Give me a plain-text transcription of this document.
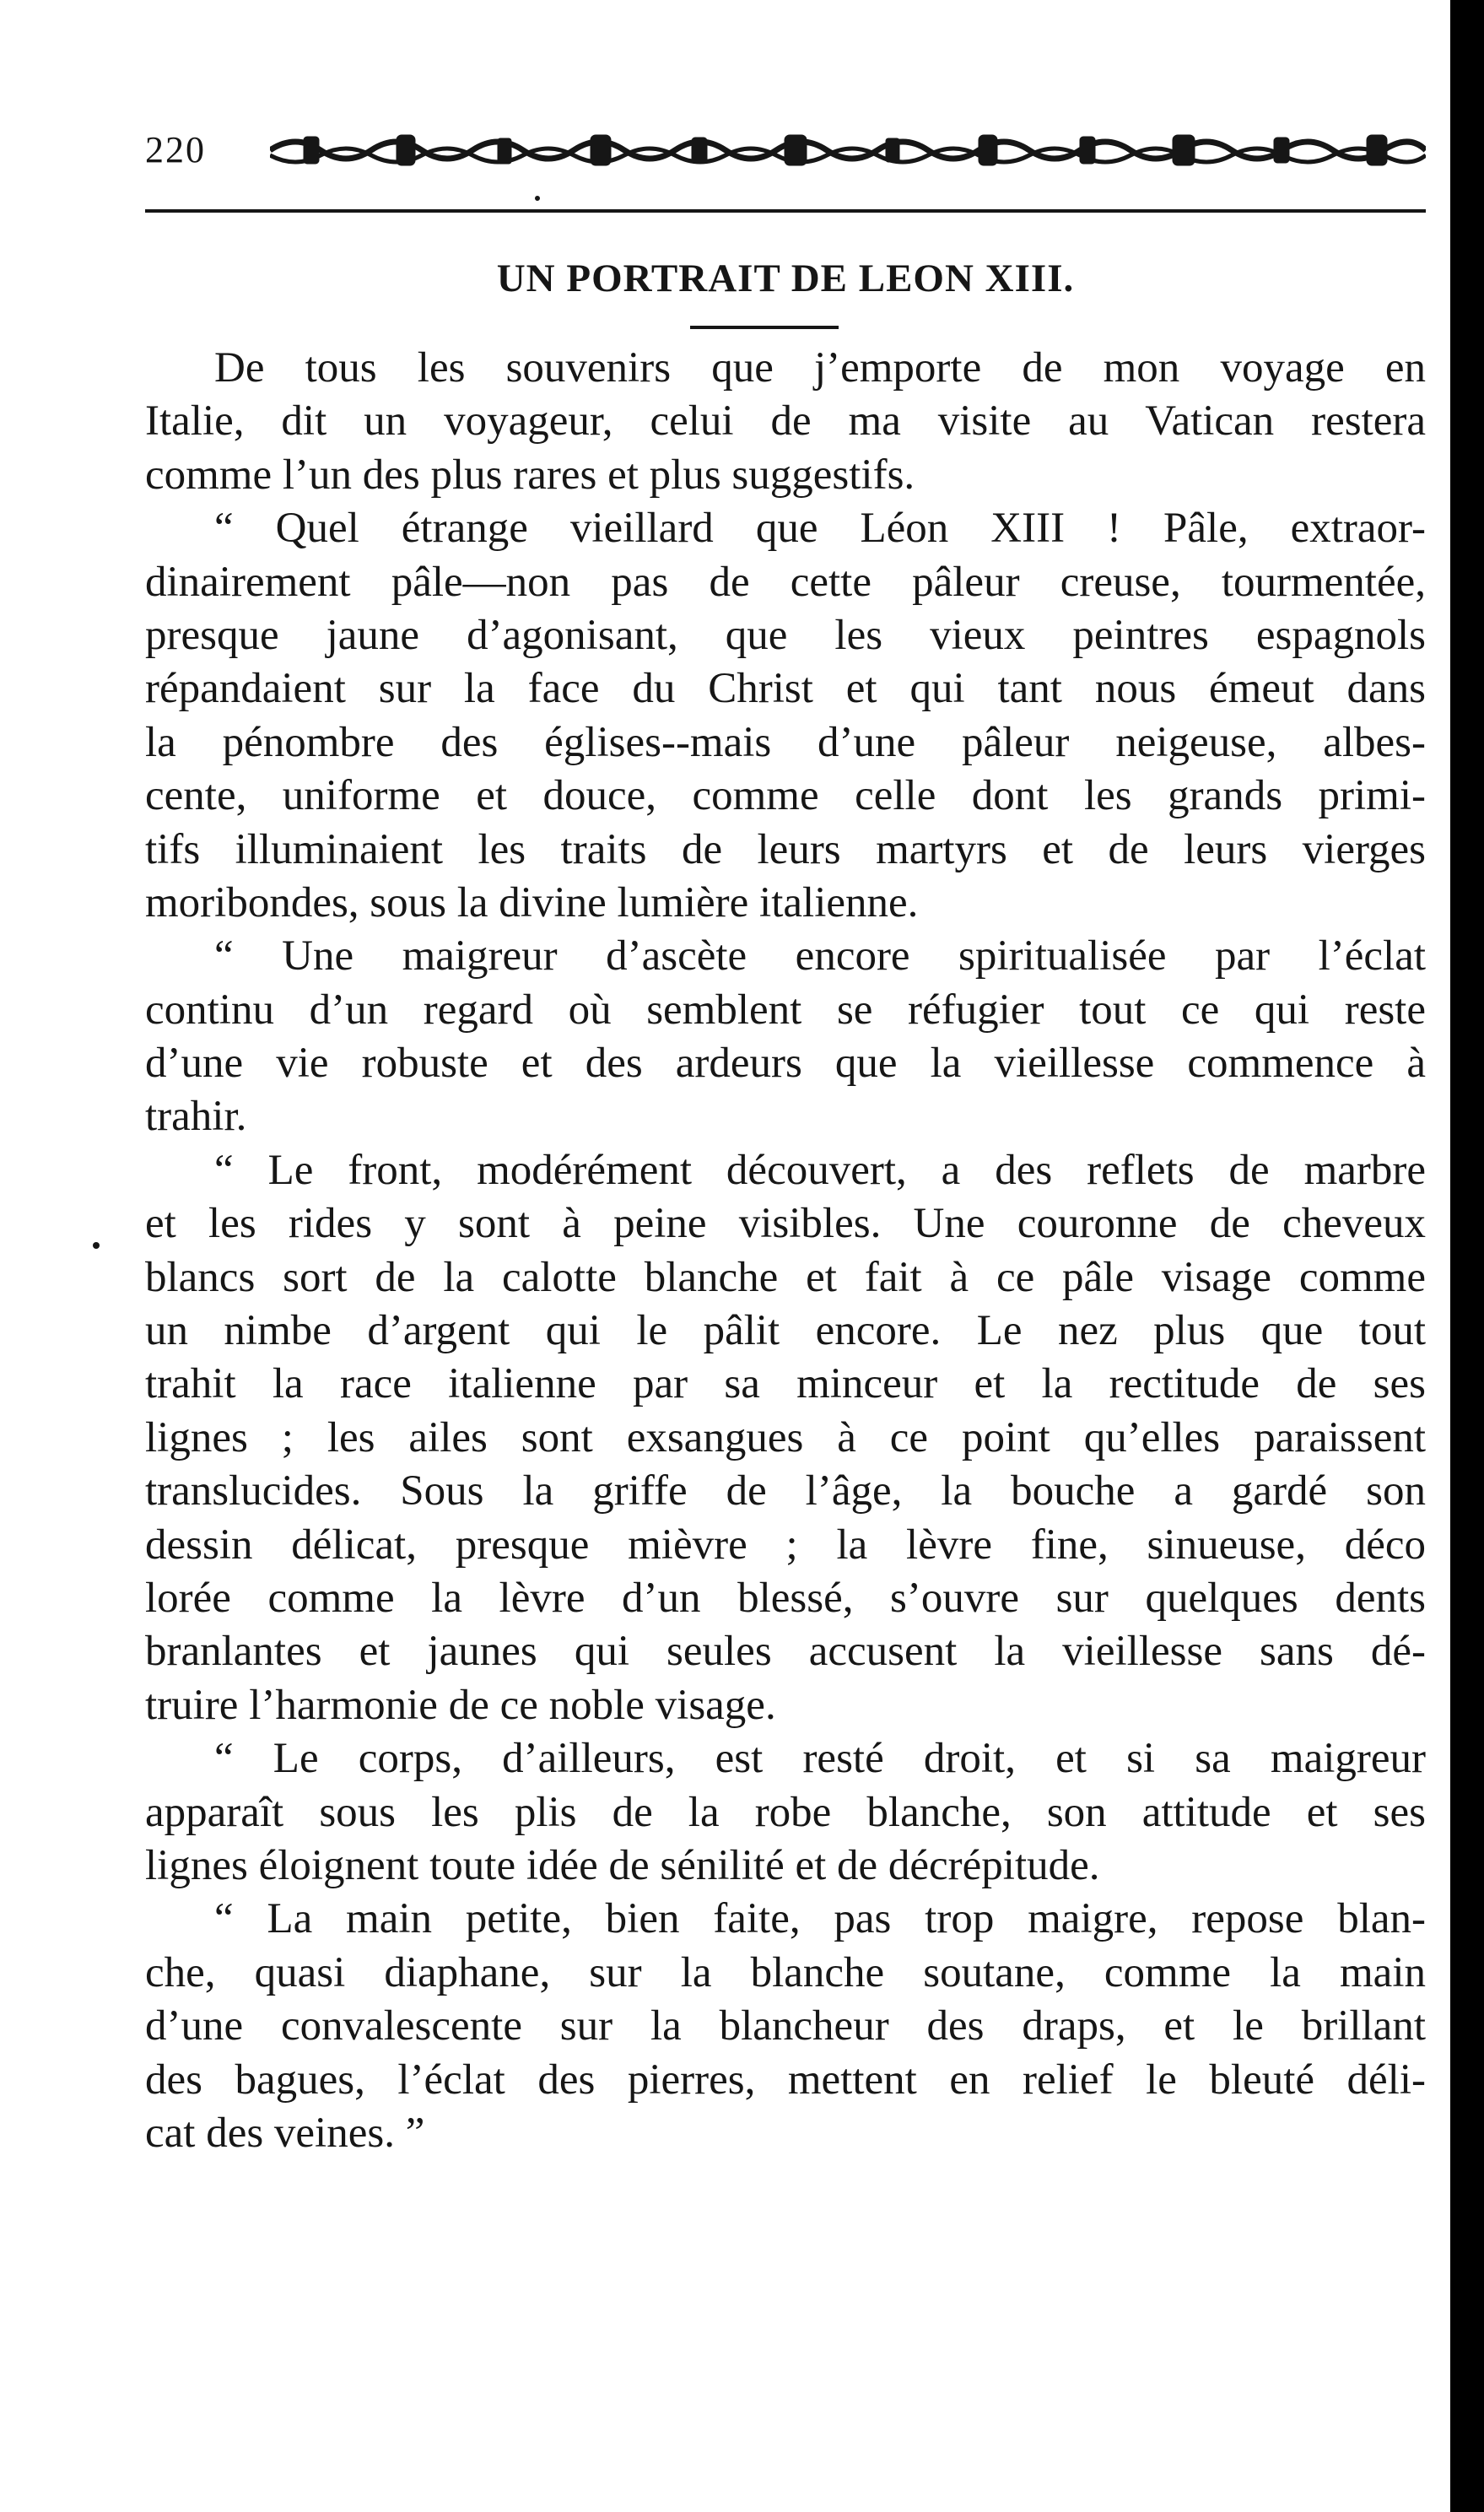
220
UN PORTRAIT DE LEON XIII.
De tous les souvenirs que j’emporte de mon voyage en
Italie, dit un voyageur, celui de ma visite au Vatican restera
comme l’un des plus rares et plus suggestifs.
“ Quel étrange vieillard que Léon XIII ! Pâle, extraor-
dinairement pâle—non pas de cette pâleur creuse, tourmentée,
presque jaune d’agonisant, que les vieux peintres espagnols
répandaient sur la face du Christ et qui tant nous émeut dans
la pénombre des églises--mais d’une pâleur neigeuse, albes-
cente, uniforme et douce, comme celle dont les grands primi-
tifs illuminaient les traits de leurs martyrs et de leurs vierges
moribondes, sous la divine lumière italienne.
“ Une maigreur d’ascète encore spiritualisée par l’éclat
continu d’un regard où semblent se réfugier tout ce qui reste
d’une vie robuste et des ardeurs que la vieillesse commence à
trahir.
“ Le front, modérément découvert, a des reflets de marbre
et les rides y sont à peine visibles. Une couronne de cheveux
blancs sort de la calotte blanche et fait à ce pâle visage comme
un nimbe d’argent qui le pâlit encore. Le nez plus que tout
trahit la race italienne par sa minceur et la rectitude de ses
lignes ; les ailes sont exsangues à ce point qu’elles paraissent
translucides. Sous la griffe de l’âge, la bouche a gardé son
dessin délicat, presque mièvre ; la lèvre fine, sinueuse, déco
lorée comme la lèvre d’un blessé, s’ouvre sur quelques dents
branlantes et jaunes qui seules accusent la vieillesse sans dé-
truire l’harmonie de ce noble visage.
“ Le corps, d’ailleurs, est resté droit, et si sa maigreur
apparaît sous les plis de la robe blanche, son attitude et ses
lignes éloignent toute idée de sénilité et de décrépitude.
“ La main petite, bien faite, pas trop maigre, repose blan-
che, quasi diaphane, sur la blanche soutane, comme la main
d’une convalescente sur la blancheur des draps, et le brillant
des bagues, l’éclat des pierres, mettent en relief le bleuté déli-
cat des veines. ”
